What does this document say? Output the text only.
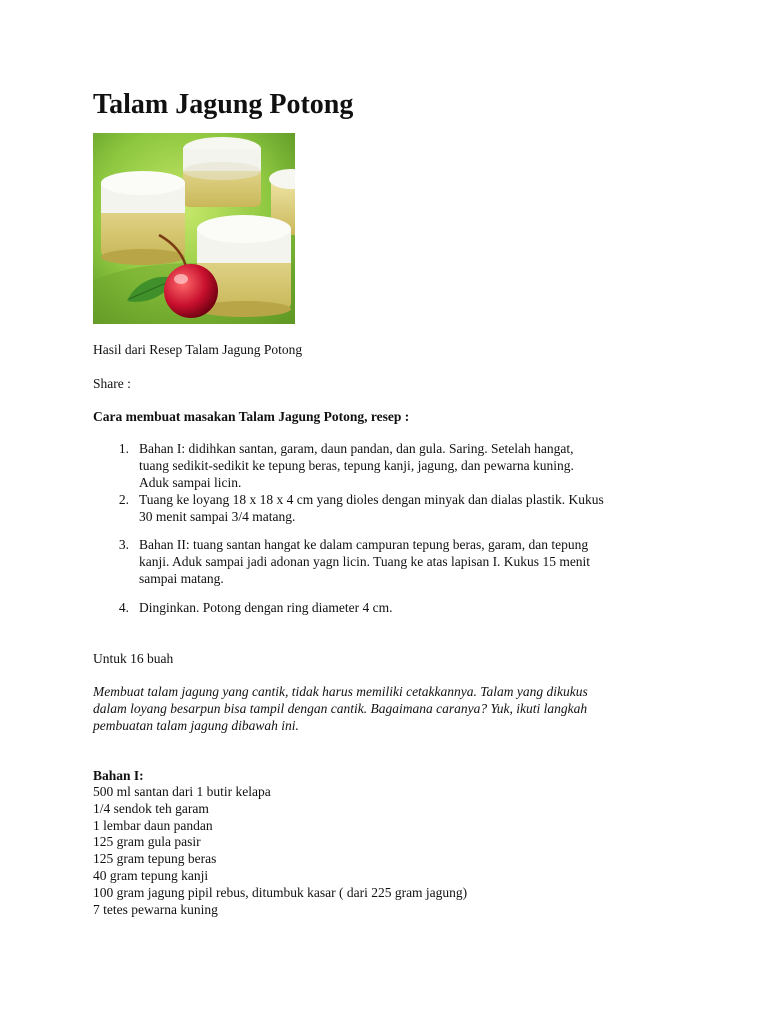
Talam Jagung Potong

Hasil dari Resep Talam Jagung Potong

Share :

Cara membuat masakan Talam Jagung Potong, resep :

1. Bahan I: didihkan santan, garam, daun pandan, dan gula. Saring. Setelah hangat,
tuang sedikit-sedikit ke tepung beras, tepung kanji, jagung, dan pewarna kuning.
Aduk sampai licin.
2. Tuang ke loyang 18 x 18 x 4 cm yang dioles dengan minyak dan dialas plastik. Kukus
30 menit sampai 3/4 matang.
3. Bahan II: tuang santan hangat ke dalam campuran tepung beras, garam, dan tepung
kanji. Aduk sampai jadi adonan yagn licin. Tuang ke atas lapisan I. Kukus 15 menit
sampai matang.
4. Dinginkan. Potong dengan ring diameter 4 cm.

Untuk 16 buah

Membuat talam jagung yang cantik, tidak harus memiliki cetakkannya. Talam yang dikukus

dalam loyang besarpun bisa tampil dengan cantik. Bagaimana caranya? Yuk, ikuti langkah

pembuatan talam jagung dibawah ini.

Bahan I:

500 ml santan dari 1 butir kelapa
1/4 sendok teh garam
1 lembar daun pandan
125 gram gula pasir
125 gram tepung beras
40 gram tepung kanji
100 gram jagung pipil rebus, ditumbuk kasar ( dari 225 gram jagung)
7 tetes pewarna kuning
